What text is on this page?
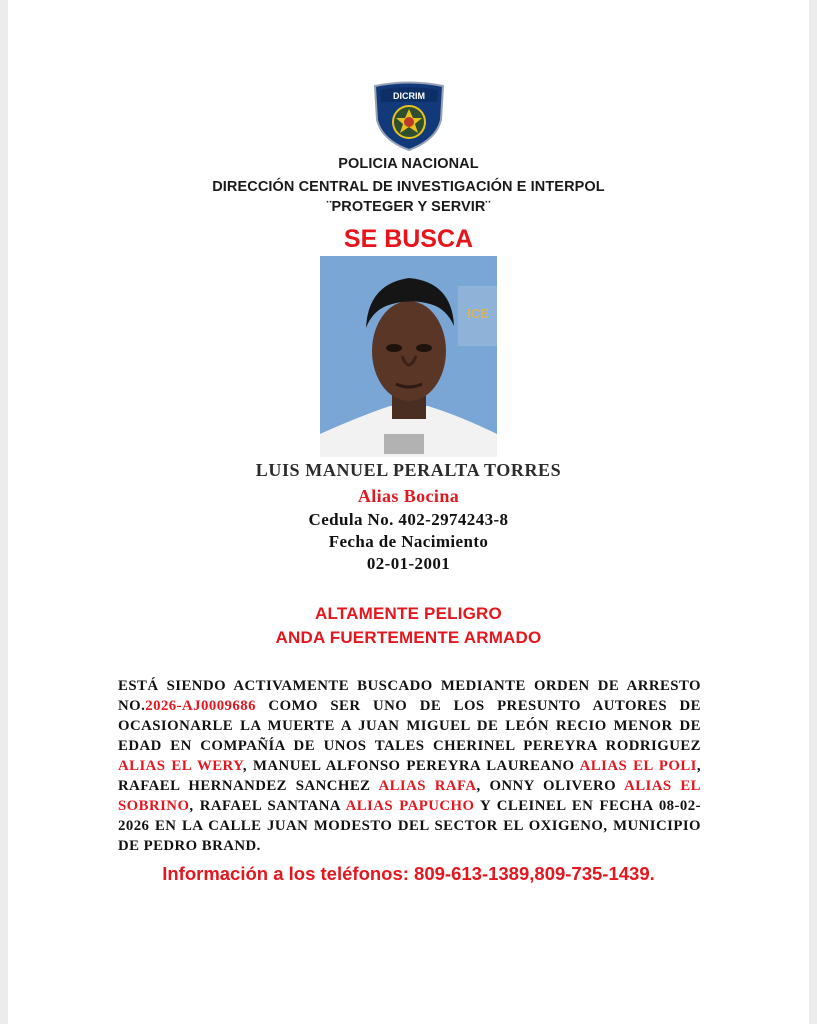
DICRIM
POLICIA NACIONAL
DIRECCIÓN CENTRAL DE INVESTIGACIÓN E INTERPOL
¨PROTEGER Y SERVIR¨
SE BUSCA
ICE
LUIS MANUEL PERALTA TORRES
Alias Bocina
Cedula No. 402-2974243-8
Fecha de Nacimiento
02-01-2001
ALTAMENTE PELIGRO
ANDA FUERTEMENTE ARMADO
ESTÁ SIENDO ACTIVAMENTE BUSCADO MEDIANTE ORDEN DE ARRESTO NO.2026-AJ0009686 COMO SER UNO DE LOS PRESUNTO AUTORES DE OCASIONARLE LA MUERTE A JUAN MIGUEL DE LEÓN RECIO MENOR DE EDAD EN COMPAÑÍA DE UNOS TALES CHERINEL PEREYRA RODRIGUEZ ALIAS EL WERY, MANUEL ALFONSO PEREYRA LAUREANO ALIAS EL POLI, RAFAEL HERNANDEZ SANCHEZ ALIAS RAFA, ONNY OLIVERO ALIAS EL SOBRINO, RAFAEL SANTANA ALIAS PAPUCHO Y CLEINEL EN FECHA 08-02-2026 EN LA CALLE JUAN MODESTO DEL SECTOR EL OXIGENO, MUNICIPIO DE PEDRO BRAND.
Información a los teléfonos: 809-613-1389,809-735-1439.
